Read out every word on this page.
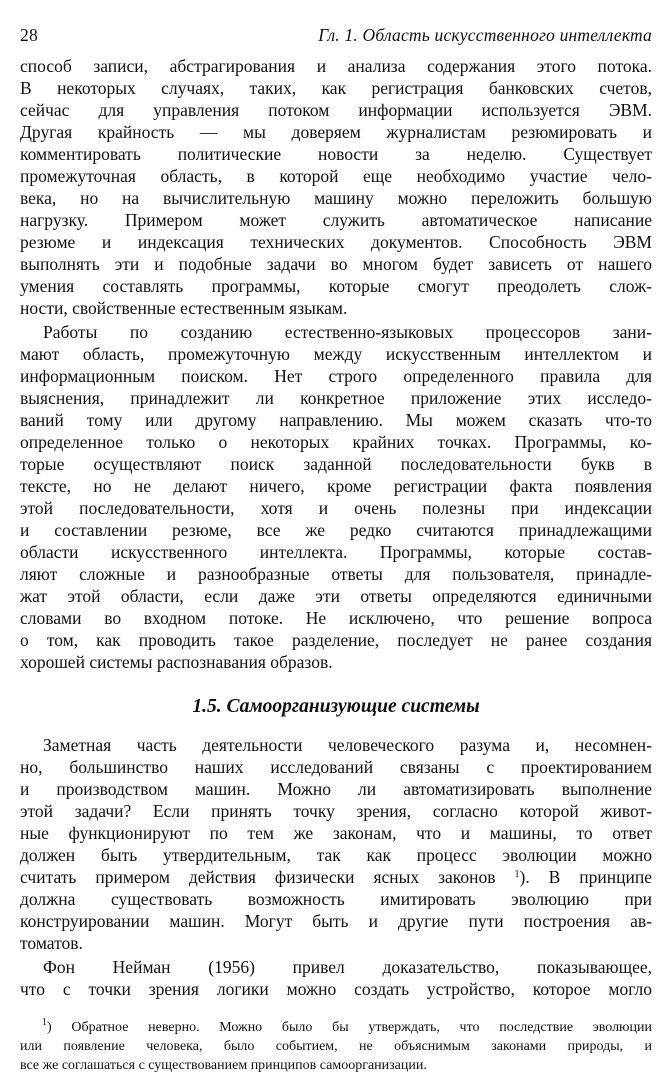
28	Гл. 1. Область искусственного интеллекта
способ записи, абстрагирования и анализа содержания этого потока.
В некоторых случаях, таких, как регистрация банковских счетов,
сейчас для управления потоком информации используется ЭВМ.
Другая крайность — мы доверяем журналистам резюмировать и
комментировать политические новости за неделю. Существует
промежуточная область, в которой еще необходимо участие чело-
века, но на вычислительную машину можно переложить большую
нагрузку. Примером может служить автоматическое написание
резюме и индексация технических документов. Способность ЭВМ
выполнять эти и подобные задачи во многом будет зависеть от нашего
умения составлять программы, которые смогут преодолеть слож-
ности, свойственные естественным языкам.
Работы по созданию естественно-языковых процессоров зани-
мают область, промежуточную между искусственным интеллектом и
информационным поиском. Нет строго определенного правила для
выяснения, принадлежит ли конкретное приложение этих исследо-
ваний тому или другому направлению. Мы можем сказать что-то
определенное только о некоторых крайних точках. Программы, ко-
торые осуществляют поиск заданной последовательности букв в
тексте, но не делают ничего, кроме регистрации факта появления
этой последовательности, хотя и очень полезны при индексации
и составлении резюме, все же редко считаются принадлежащими
области искусственного интеллекта. Программы, которые состав-
ляют сложные и разнообразные ответы для пользователя, принадле-
жат этой области, если даже эти ответы определяются единичными
словами во входном потоке. Не исключено, что решение вопроса
о том, как проводить такое разделение, последует не ранее создания
хорошей системы распознавания образов.
1.5. Самоорганизующие системы
Заметная часть деятельности человеческого разума и, несомнен-
но, большинство наших исследований связаны с проектированием
и производством машин. Можно ли автоматизировать выполнение
этой задачи? Если принять точку зрения, согласно которой живот-
ные функционируют по тем же законам, что и машины, то ответ
должен быть утвердительным, так как процесс эволюции можно
считать примером действия физически ясных законов $^1$). В принципе
должна существовать возможность имитировать эволюцию при
конструировании машин. Могут быть и другие пути построения ав-
томатов.
Фон Нейман (1956) привел доказательство, показывающее,
что с точки зрения логики можно создать устройство, которое могло
$^1$) Обратное неверно. Можно было бы утверждать, что последствие эволюции
или появление человека, было событием, не объяснимым законами природы, и
все же соглашаться с существованием принципов самоорганизации.
